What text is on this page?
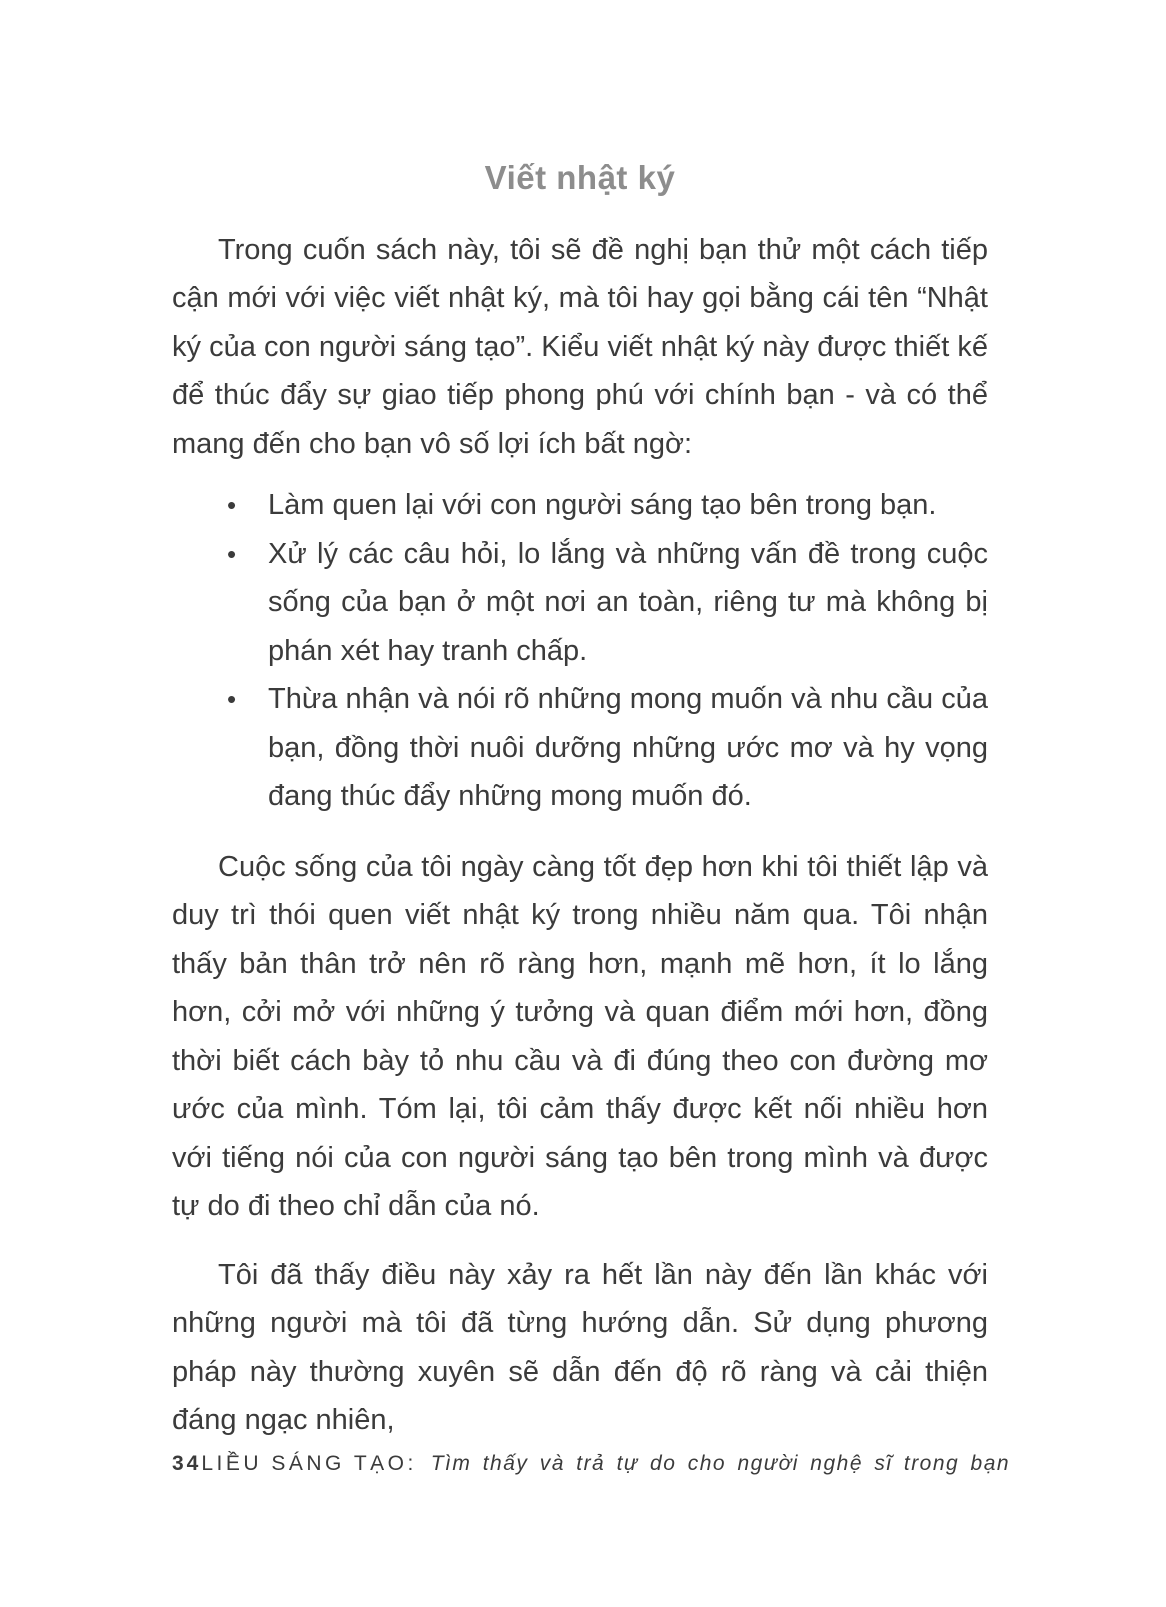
Viết nhật ký

Trong cuốn sách này, tôi sẽ đề nghị bạn thử một cách tiếp cận mới với việc viết nhật ký, mà tôi hay gọi bằng cái tên “Nhật ký của con người sáng tạo”. Kiểu viết nhật ký này được thiết kế để thúc đẩy sự giao tiếp phong phú với chính bạn - và có thể mang đến cho bạn vô số lợi ích bất ngờ:

• Làm quen lại với con người sáng tạo bên trong bạn.
• Xử lý các câu hỏi, lo lắng và những vấn đề trong cuộc sống của bạn ở một nơi an toàn, riêng tư mà không bị phán xét hay tranh chấp.
• Thừa nhận và nói rõ những mong muốn và nhu cầu của bạn, đồng thời nuôi dưỡng những ước mơ và hy vọng đang thúc đẩy những mong muốn đó.

Cuộc sống của tôi ngày càng tốt đẹp hơn khi tôi thiết lập và duy trì thói quen viết nhật ký trong nhiều năm qua. Tôi nhận thấy bản thân trở nên rõ ràng hơn, mạnh mẽ hơn, ít lo lắng hơn, cởi mở với những ý tưởng và quan điểm mới hơn, đồng thời biết cách bày tỏ nhu cầu và đi đúng theo con đường mơ ước của mình. Tóm lại, tôi cảm thấy được kết nối nhiều hơn với tiếng nói của con người sáng tạo bên trong mình và được tự do đi theo chỉ dẫn của nó.

Tôi đã thấy điều này xảy ra hết lần này đến lần khác với những người mà tôi đã từng hướng dẫn. Sử dụng phương pháp này thường xuyên sẽ dẫn đến độ rõ ràng và cải thiện đáng ngạc nhiên,

34 LIỀU SÁNG TẠO: Tìm thấy và trả tự do cho người nghệ sĩ trong bạn
